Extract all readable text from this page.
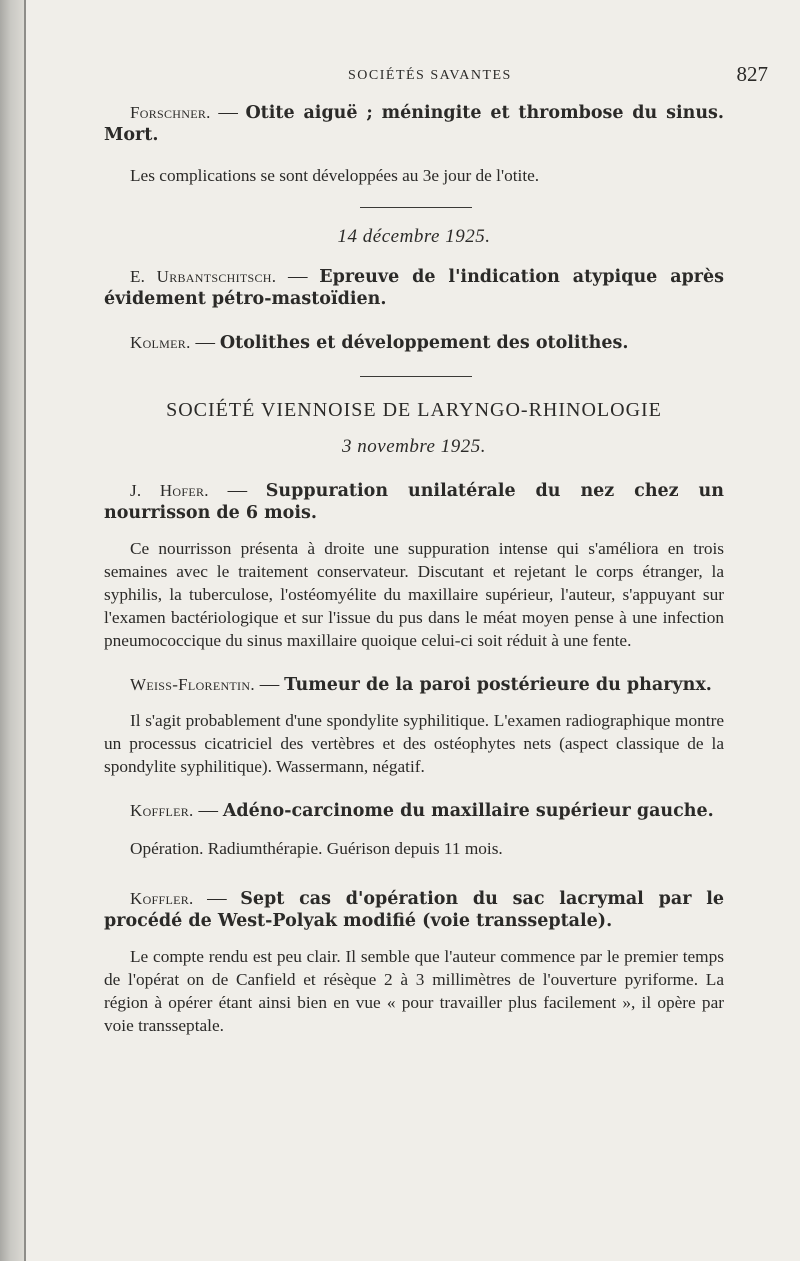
SOCIÉTÉS SAVANTES	827

Forschner. — Otite aiguë ; méningite et thrombose du sinus. Mort.

Les complications se sont développées au 3e jour de l'otite.

14 décembre 1925.

E. Urbantschitsch. — Epreuve de l'indication atypique après évidement pétro-mastoïdien.

Kolmer. — Otolithes et développement des otolithes.

SOCIÉTÉ VIENNOISE DE LARYNGO-RHINOLOGIE

3 novembre 1925.

J. Hofer. — Suppuration unilatérale du nez chez un nourrisson de 6 mois.

Ce nourrisson présenta à droite une suppuration intense qui s'améliora en trois semaines avec le traitement conservateur. Discutant et rejetant le corps étranger, la syphilis, la tuberculose, l'ostéomyélite du maxillaire supérieur, l'auteur, s'appuyant sur l'examen bactériologique et sur l'issue du pus dans le méat moyen pense à une infection pneumococcique du sinus maxillaire quoique celui-ci soit réduit à une fente.

Weiss-Florentin. — Tumeur de la paroi postérieure du pharynx.

Il s'agit probablement d'une spondylite syphilitique. L'examen radiographique montre un processus cicatriciel des vertèbres et des ostéophytes nets (aspect classique de la spondylite syphilitique). Wassermann, négatif.

Koffler. — Adéno-carcinome du maxillaire supérieur gauche.

Opération. Radiumthérapie. Guérison depuis 11 mois.

Koffler. — Sept cas d'opération du sac lacrymal par le procédé de West-Polyak modifié (voie transseptale).

Le compte rendu est peu clair. Il semble que l'auteur commence par le premier temps de l'opérat on de Canfield et résèque 2 à 3 millimètres de l'ouverture pyriforme. La région à opérer étant ainsi bien en vue « pour travailler plus facilement », il opère par voie transseptale.
